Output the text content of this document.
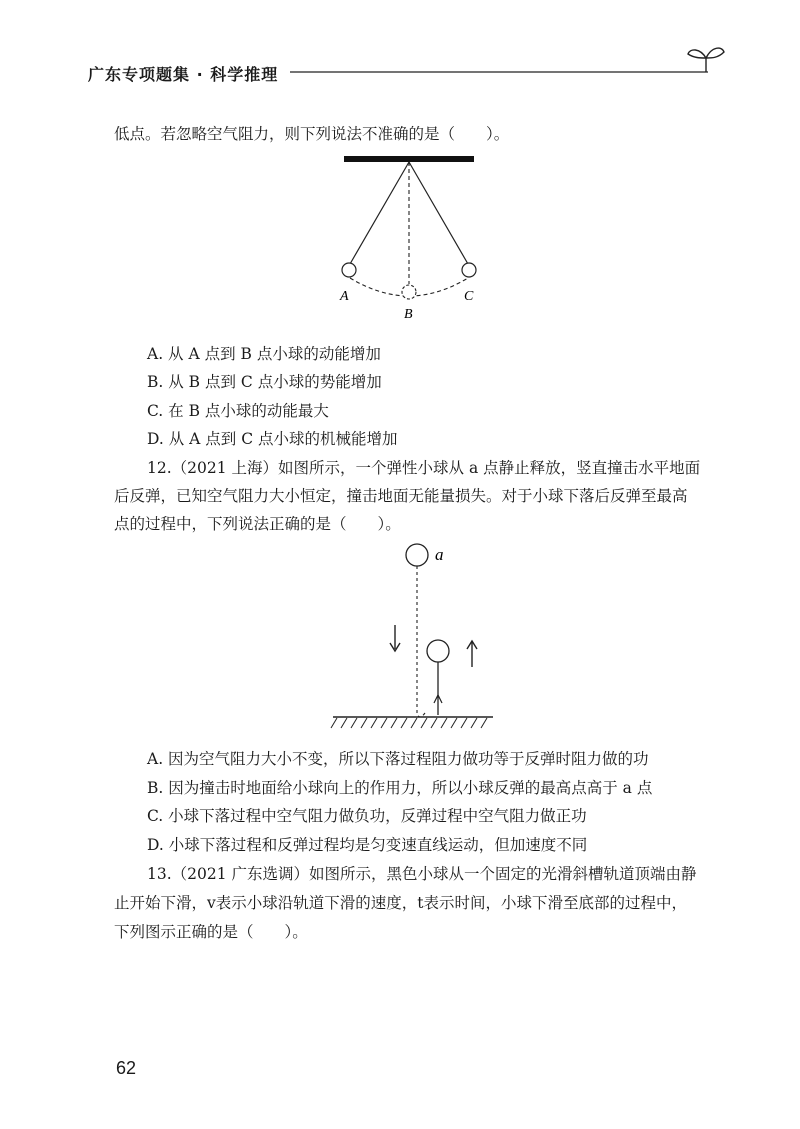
广东专项题集 · 科学推理
低点。若忽略空气阻力，则下列说法不准确的是（　　）。
A
B
C
A. 从 A 点到 B 点小球的动能增加
B. 从 B 点到 C 点小球的势能增加
C. 在 B 点小球的动能最大
D. 从 A 点到 C 点小球的机械能增加
12.（2021 上海）如图所示，一个弹性小球从 a 点静止释放，竖直撞击水平地面
后反弹，已知空气阻力大小恒定，撞击地面无能量损失。对于小球下落后反弹至最高
点的过程中，下列说法正确的是（　　）。
a
A. 因为空气阻力大小不变，所以下落过程阻力做功等于反弹时阻力做的功
B. 因为撞击时地面给小球向上的作用力，所以小球反弹的最高点高于 a 点
C. 小球下落过程中空气阻力做负功，反弹过程中空气阻力做正功
D. 小球下落过程和反弹过程均是匀变速直线运动，但加速度不同
13.（2021 广东选调）如图所示，黑色小球从一个固定的光滑斜槽轨道顶端由静
止开始下滑，v表示小球沿轨道下滑的速度，t表示时间，小球下滑至底部的过程中，
下列图示正确的是（　　）。
62
